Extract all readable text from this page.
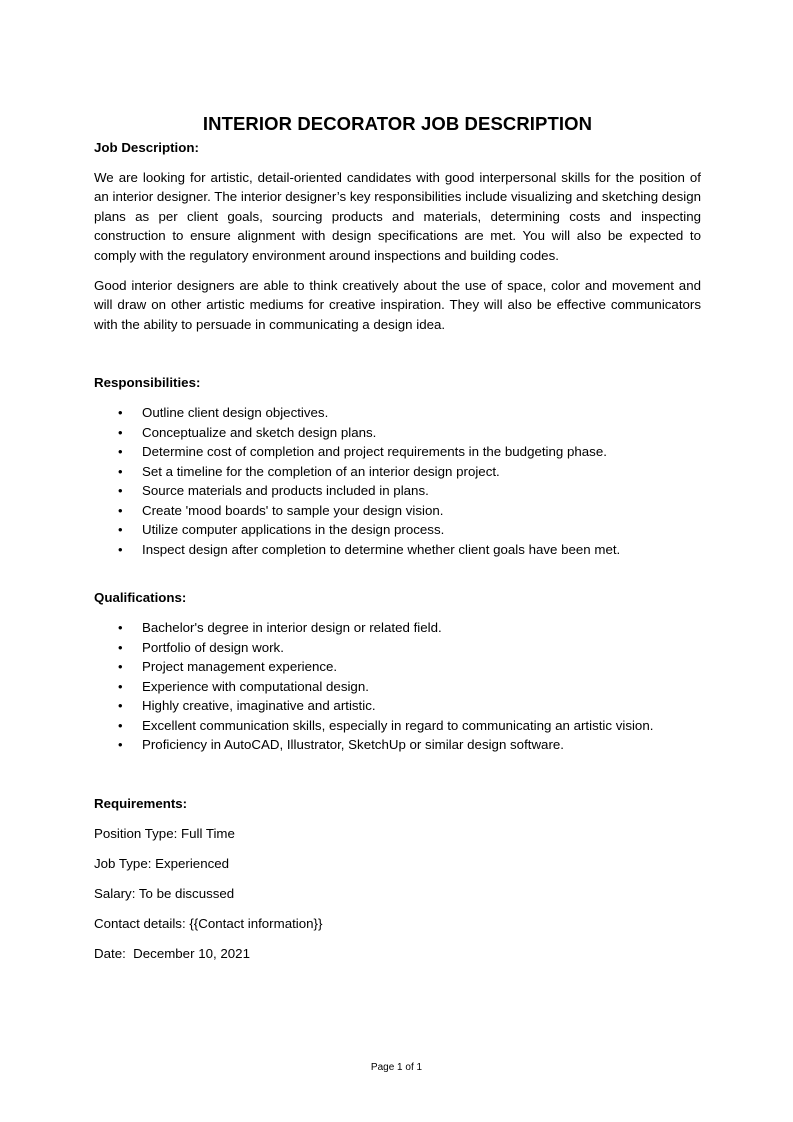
INTERIOR DECORATOR JOB DESCRIPTION
Job Description:

We are looking for artistic, detail-oriented candidates with good interpersonal skills for the position of an interior designer. The interior designer’s key responsibilities include visualizing and sketching design plans as per client goals, sourcing products and materials, determining costs and inspecting construction to ensure alignment with design specifications are met. You will also be expected to comply with the regulatory environment around inspections and building codes.

Good interior designers are able to think creatively about the use of space, color and movement and will draw on other artistic mediums for creative inspiration. They will also be effective communicators with the ability to persuade in communicating a design idea.

Responsibilities:
• Outline client design objectives.
• Conceptualize and sketch design plans.
• Determine cost of completion and project requirements in the budgeting phase.
• Set a timeline for the completion of an interior design project.
• Source materials and products included in plans.
• Create 'mood boards' to sample your design vision.
• Utilize computer applications in the design process.
• Inspect design after completion to determine whether client goals have been met.
Qualifications:
• Bachelor's degree in interior design or related field.
• Portfolio of design work.
• Project management experience.
• Experience with computational design.
• Highly creative, imaginative and artistic.
• Excellent communication skills, especially in regard to communicating an artistic vision.
• Proficiency in AutoCAD, Illustrator, SketchUp or similar design software.
Requirements:
Position Type: Full Time
Job Type: Experienced
Salary: To be discussed
Contact details: {{Contact information}}
Date:  December 10, 2021
Page 1 of 1
